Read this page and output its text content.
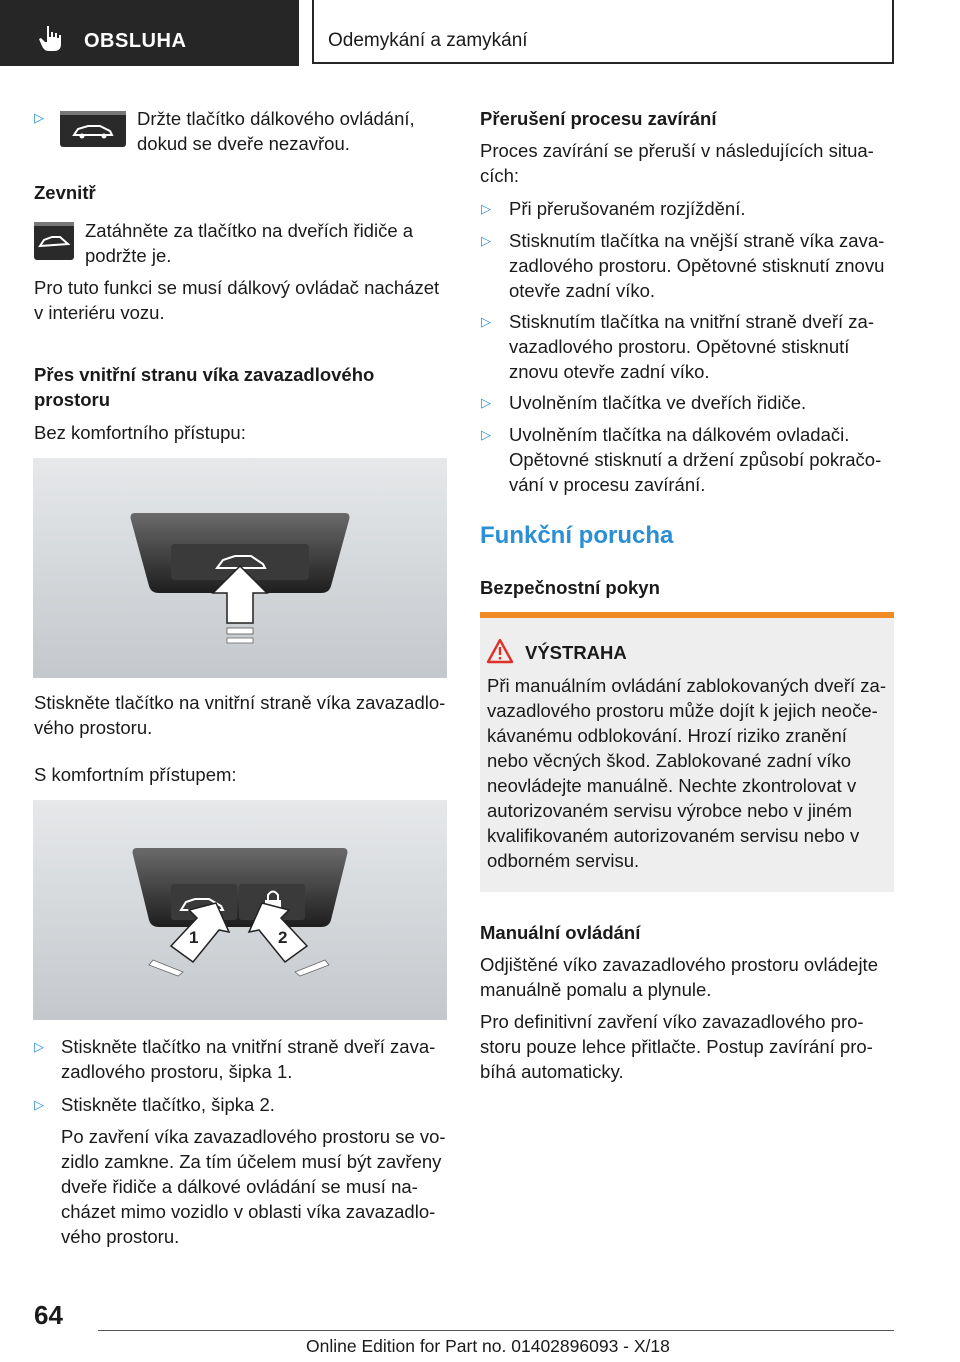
OBSLUHA	Odemykání a zamykání
▷	Držte tlačítko dálkového ovládání,
dokud se dveře nezavřou.
Zevnitř
Zatáhněte za tlačítko na dveřích řidiče a
podržte je.
Pro tuto funkci se musí dálkový ovládač nacházet
v interiéru vozu.
Přes vnitřní stranu víka zavazadlového
prostoru
Bez komfortního přístupu:
Stiskněte tlačítko na vnitřní straně víka zavazadlo-
vého prostoru.
S komfortním přístupem:
1	2
▷ Stiskněte tlačítko na vnitřní straně dveří zava-
zadlového prostoru, šipka 1.
▷ Stiskněte tlačítko, šipka 2.
Po zavření víka zavazadlového prostoru se vo-
zidlo zamkne. Za tím účelem musí být zavřeny
dveře řidiče a dálkové ovládání se musí na-
cházet mimo vozidlo v oblasti víka zavazadlo-
vého prostoru.
Přerušení procesu zavírání
Proces zavírání se přeruší v následujících situa-
cích:
▷ Při přerušovaném rozjíždění.
▷ Stisknutím tlačítka na vnější straně víka zava-
zadlového prostoru. Opětovné stisknutí znovu
otevře zadní víko.
▷ Stisknutím tlačítka na vnitřní straně dveří za-
vazadlového prostoru. Opětovné stisknutí
znovu otevře zadní víko.
▷ Uvolněním tlačítka ve dveřích řidiče.
▷ Uvolněním tlačítka na dálkovém ovladači.
Opětovné stisknutí a držení způsobí pokračo-
vání v procesu zavírání.
Funkční porucha
Bezpečnostní pokyn
VÝSTRAHA
Při manuálním ovládání zablokovaných dveří za-
vazadlového prostoru může dojít k jejich neoče-
kávanému odblokování. Hrozí riziko zranění
nebo věcných škod. Zablokované zadní víko
neovládejte manuálně. Nechte zkontrolovat v
autorizovaném servisu výrobce nebo v jiném
kvalifikovaném autorizovaném servisu nebo v
odborném servisu.
Manuální ovládání
Odjištěné víko zavazadlového prostoru ovládejte
manuálně pomalu a plynule.
Pro definitivní zavření víko zavazadlového pro-
storu pouze lehce přitlačte. Postup zavírání pro-
bíhá automaticky.
64
Online Edition for Part no. 01402896093 - X/18
